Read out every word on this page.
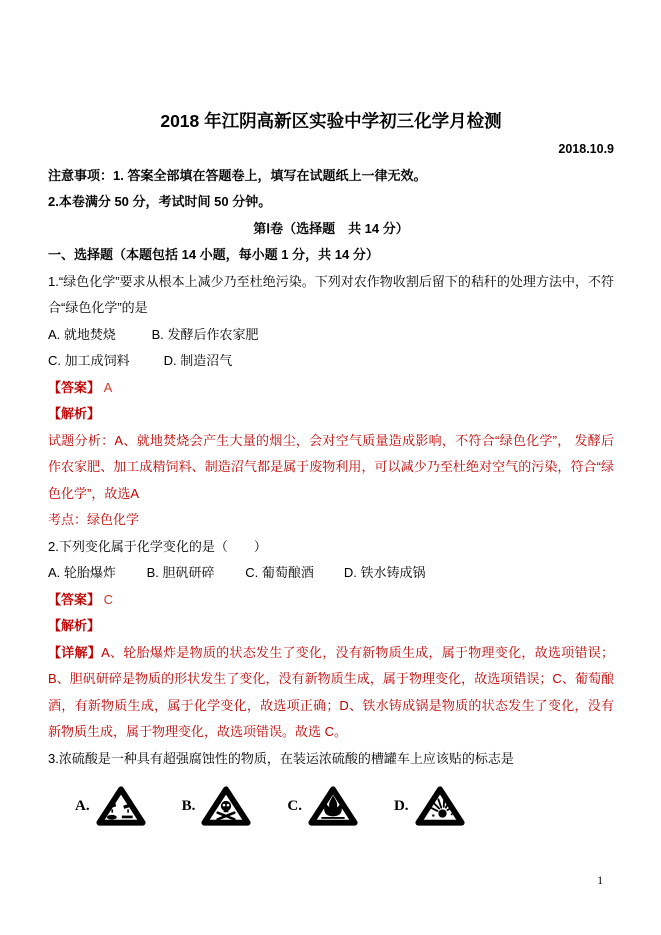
2018 年江阴高新区实验中学初三化学月检测

2018.10.9

注意事项：1. 答案全部填在答题卷上，填写在试题纸上一律无效。

2.本卷满分 50 分，考试时间 50 分钟。

第Ⅰ卷（选择题　共 14 分）

一、选择题（本题包括 14 小题，每小题 1 分，共 14 分）

1.“绿色化学”要求从根本上减少乃至杜绝污染。下列对农作物收割后留下的秸秆的处理方法中，不符合“绿色化学”的是

A. 就地焚烧	B. 发酵后作农家肥

C. 加工成饲料	D. 制造沼气

【答案】 A

【解析】

试题分析：A、就地焚烧会产生大量的烟尘，会对空气质量造成影响，不符合“绿色化学”， 发酵后作农家肥、加工成精饲料、制造沼气都是属于废物利用，可以减少乃至杜绝对空气的污染，符合“绿色化学”，故选A

考点：绿色化学

2.下列变化属于化学变化的是（　　）

A. 轮胎爆炸 B. 胆矾研碎 C. 葡萄酿酒 D. 铁水铸成锅

【答案】 C

【解析】

【详解】A、轮胎爆炸是物质的状态发生了变化，没有新物质生成，属于物理变化，故选项错误；B、胆矾研碎是物质的形状发生了变化，没有新物质生成，属于物理变化，故选项错误；C、葡萄酿酒，有新物质生成，属于化学变化，故选项正确；D、铁水铸成锅是物质的状态发生了变化，没有新物质生成，属于物理变化，故选项错误。故选 C。

3.浓硫酸是一种具有超强腐蚀性的物质，在装运浓硫酸的槽罐车上应该贴的标志是

A.	B.	C.	D.
1
